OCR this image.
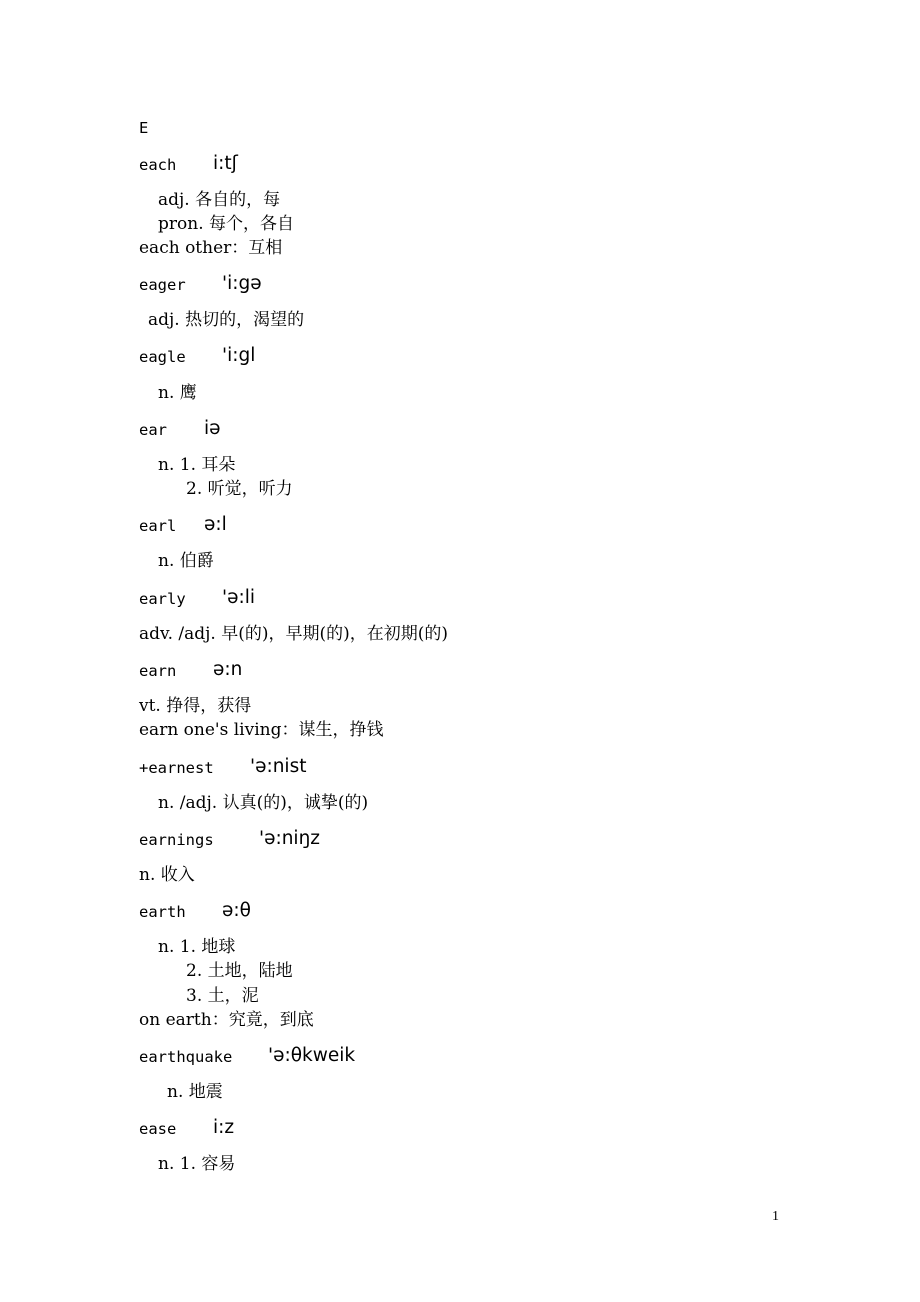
E
each i:tʃ
adj. 各自的，每
pron. 每个，各自
each other：互相
eager 'i:gə
adj. 热切的，渴望的
eagle 'i:gl
n. 鹰
ear iə
n. 1. 耳朵
2. 听觉，听力
earl ə:l
n. 伯爵
early 'ə:li
adv. /adj. 早(的)，早期(的)，在初期(的)
earn ə:n
vt. 挣得，获得
earn one's living：谋生，挣钱
+earnest 'ə:nist
n. /adj. 认真(的)，诚挚(的)
earnings 'ə:niŋz
n. 收入
earth ə:θ
n. 1. 地球
2. 土地，陆地
3. 土，泥
on earth：究竟，到底
earthquake 'ə:θkweik
n. 地震
ease i:z
n. 1. 容易
1
